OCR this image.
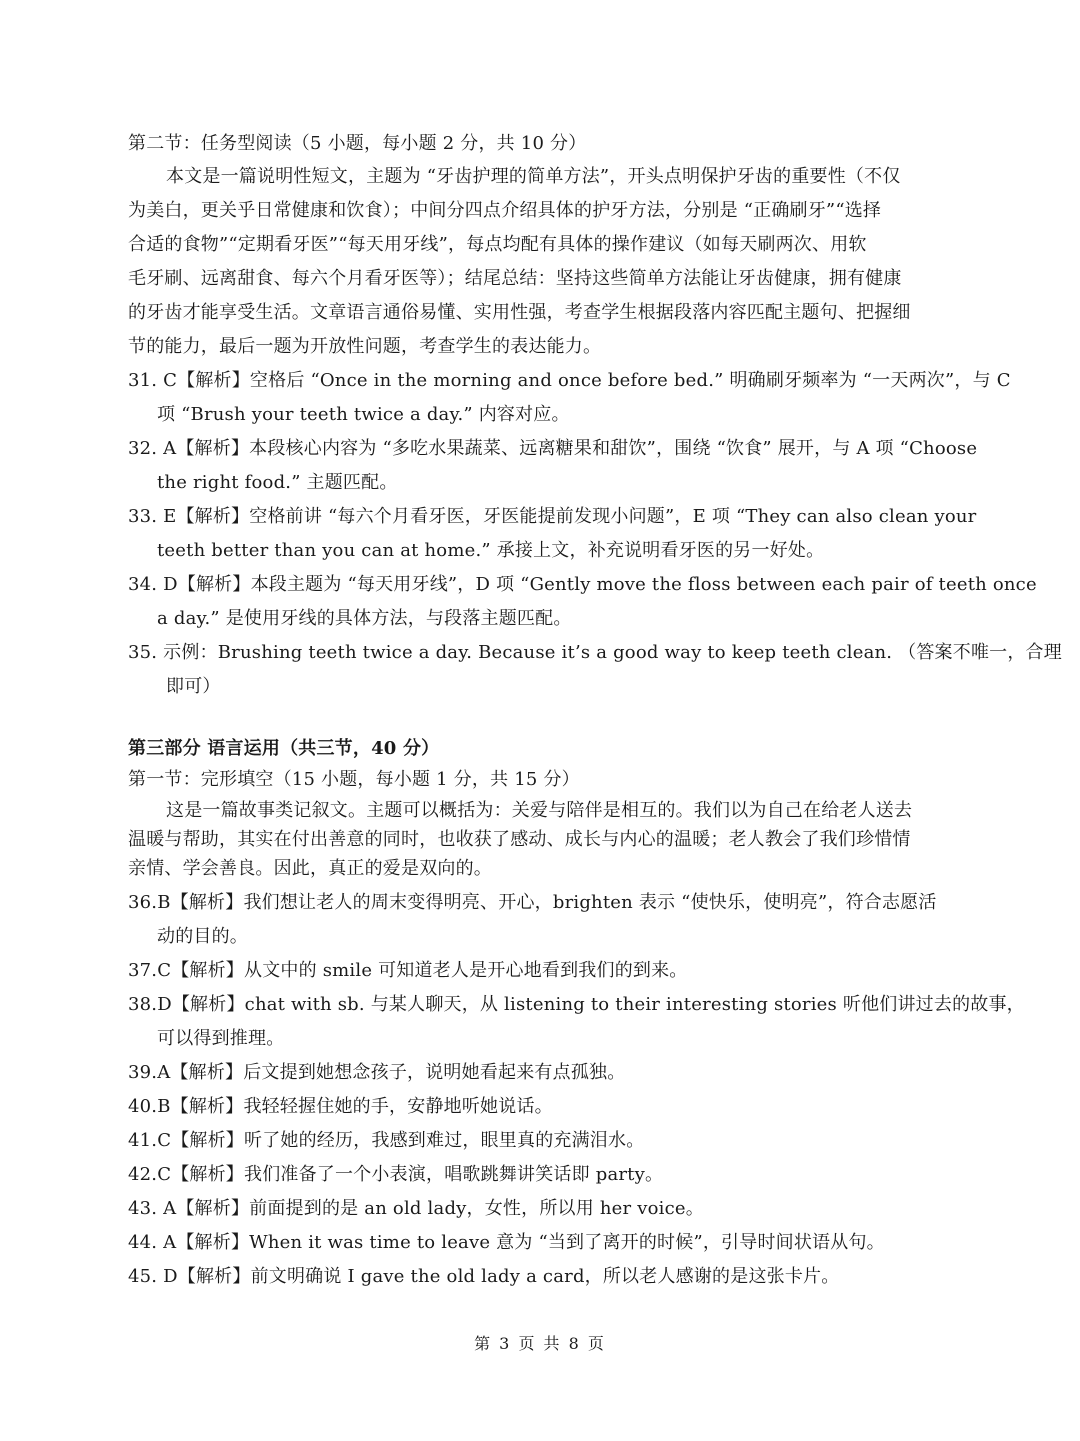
第二节：任务型阅读（5 小题，每小题 2 分，共 10 分）
本文是一篇说明性短文，主题为 “牙齿护理的简单方法”，开头点明保护牙齿的重要性（不仅
为美白，更关乎日常健康和饮食）；中间分四点介绍具体的护牙方法，分别是 “正确刷牙”“选择
合适的食物”“定期看牙医”“每天用牙线”，每点均配有具体的操作建议（如每天刷两次、用软
毛牙刷、远离甜食、每六个月看牙医等）；结尾总结：坚持这些简单方法能让牙齿健康，拥有健康
的牙齿才能享受生活。文章语言通俗易懂、实用性强，考查学生根据段落内容匹配主题句、把握细
节的能力，最后一题为开放性问题，考查学生的表达能力。
31. C【解析】空格后 “Once in the morning and once before bed.” 明确刷牙频率为 “一天两次”，与 C
项 “Brush your teeth twice a day.” 内容对应。
32. A【解析】本段核心内容为 “多吃水果蔬菜、远离糖果和甜饮”，围绕 “饮食” 展开，与 A 项 “Choose
the right food.” 主题匹配。
33. E【解析】空格前讲 “每六个月看牙医，牙医能提前发现小问题”，E 项 “They can also clean your
teeth better than you can at home.” 承接上文，补充说明看牙医的另一好处。
34. D【解析】本段主题为 “每天用牙线”，D 项 “Gently move the floss between each pair of teeth once
a day.” 是使用牙线的具体方法，与段落主题匹配。
35. 示例：Brushing teeth twice a day. Because it’s a good way to keep teeth clean. （答案不唯一，合理
即可）
第三部分 语言运用（共三节，40 分）
第一节：完形填空（15 小题，每小题 1 分，共 15 分）
这是一篇故事类记叙文。主题可以概括为：关爱与陪伴是相互的。我们以为自己在给老人送去
温暖与帮助，其实在付出善意的同时，也收获了感动、成长与内心的温暖；老人教会了我们珍惜情
亲情、学会善良。因此，真正的爱是双向的。
36.B【解析】我们想让老人的周末变得明亮、开心，brighten 表示 “使快乐，使明亮”，符合志愿活
动的目的。
37.C【解析】从文中的 smile 可知道老人是开心地看到我们的到来。
38.D【解析】chat with sb. 与某人聊天，从 listening to their interesting stories 听他们讲过去的故事，
可以得到推理。
39.A【解析】后文提到她想念孩子，说明她看起来有点孤独。
40.B【解析】我轻轻握住她的手，安静地听她说话。
41.C【解析】听了她的经历，我感到难过，眼里真的充满泪水。
42.C【解析】我们准备了一个小表演，唱歌跳舞讲笑话即 party。
43. A【解析】前面提到的是 an old lady，女性，所以用 her voice。
44. A【解析】When it was time to leave 意为 “当到了离开的时候”，引导时间状语从句。
45. D【解析】前文明确说 I gave the old lady a card，所以老人感谢的是这张卡片。
第 3 页 共 8 页
